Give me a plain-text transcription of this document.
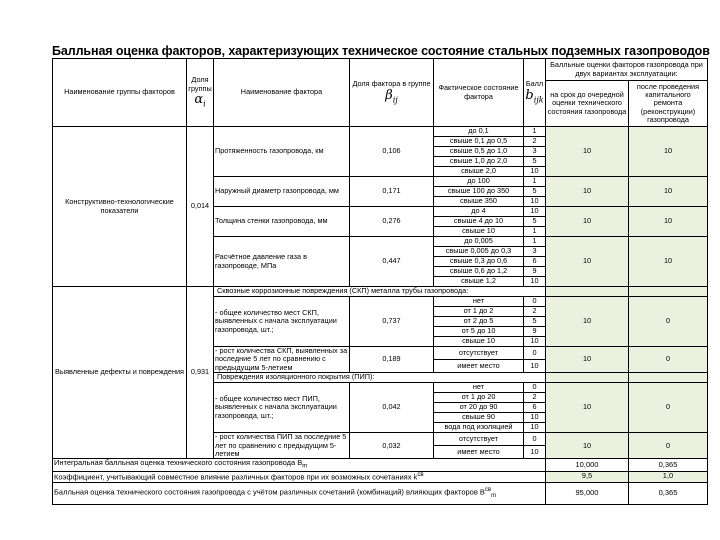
Балльная оценка факторов, характеризующих техническое состояние стальных подземных газопроводов
Наименование группы факторов	Доля группы
$\alpha_i$	Наименование фактора	Доля фактора в группе
$\beta_{ij}$	Фактическое состояние фактора	Балл
$b_{ijk}$	Балльные оценки факторов газопровода при двух вариантах эксплуатации:	
						на срок до очередной оценки технического состояния газопровода	после проведения капитального ремонта (реконструкции) газопровода
Конструктивно-технологические показатели	0,014	Протяженность газопровода, км	0,106	до 0,1	1	10	10
				свыше 0,1 до 0,5	2		
				свыше 0,5 до 1,0	3		
				свыше 1,0 до 2,0	5		
				свыше 2,0	10		
		Наружный диаметр газопровода, мм	0,171	до 100	1	10	10
				свыше 100 до 350	5		
				свыше 350	10		
		Толщина стенки газопровода, мм	0,276	до 4	10	10	10
				свыше 4 до 10	5		
				свыше 10	1		
		Расчётное давление газа в газопроводе, МПа	0,447	до 0,005	1	10	10
				свыше 0,005 до 0,3	3		
				свыше 0,3 до 0,6	6		
				свыше 0,6 до 1,2	9		
				свыше 1,2	10		
Выявленные дефекты и повреждения	0,931	Сквозные коррозионные повреждения (СКП) металла трубы газопровода:					
		- общее количество мест СКП, выявленных с начала эксплуатации газопровода, шт.;	0,737	нет	0	10	0
				от 1 до 2	2		
				от 2 до 5	5		
				от 5 до 10	9		
				свыше 10	10		
		- рост количества СКП, выявленных за последние 5 лет по сравнению с предыдущим 5-летием	0,189	отсутствует	0	10	0
				имеет место	10		
		Повреждения изоляционного покрытия (ПИП):					
		- общее количество мест ПИП, выявленных с начала эксплуатации газопровода, шт.;	0,042	нет	0	10	0
				от 1 до 20	2		
				от 20 до 90	6		
				свыше 90	10		
				вода под изоляцией	10		
		- рост количества ПИП за последние 5 лет по сравнению с предыдущим 5-летием	0,032	отсутствует	0	10	0
				имеет место	10		
Интегральная балльная оценка технического состояния газопровода $B_m$						10,000	0,365
Коэффициент, учитывающий совместное влияние различных факторов при их возможных сочетаниях $k^{св}$						9,5	1,0
Балльная оценка технического состояния газопровода с учётом различных сочетаний (комбинаций) влияющих факторов $B^{св}_m$						95,000	0,365
